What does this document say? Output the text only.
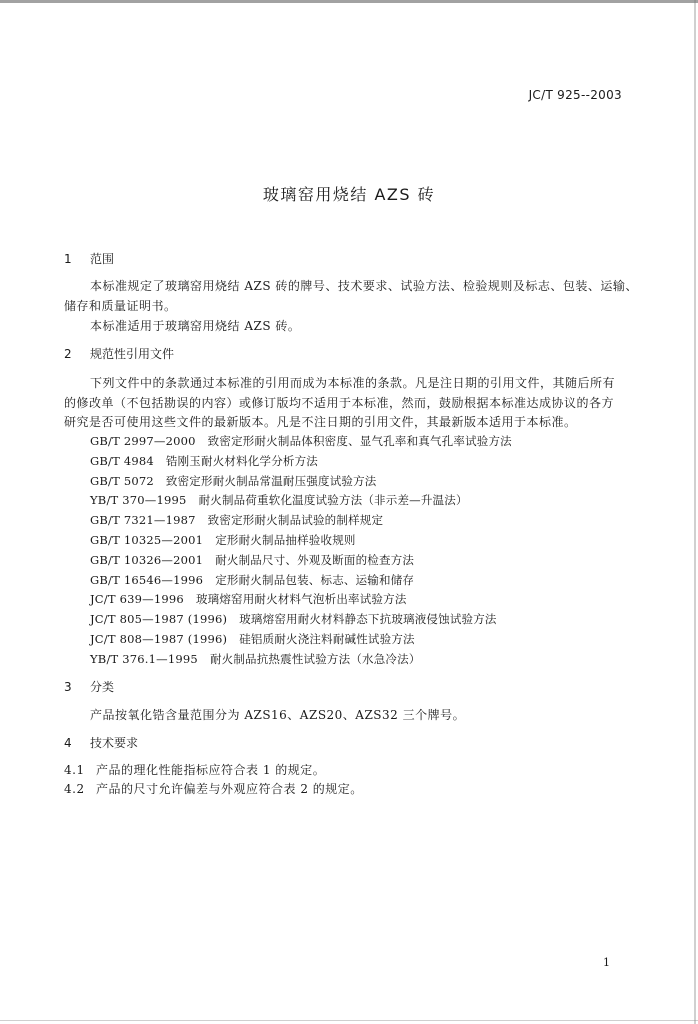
JC/T 925--2003
玻璃窑用烧结 AZS 砖
1 范围
本标准规定了玻璃窑用烧结 AZS 砖的牌号、技术要求、试验方法、检验规则及标志、包装、运输、
储存和质量证明书。
本标准适用于玻璃窑用烧结 AZS 砖。
2 规范性引用文件
下列文件中的条款通过本标准的引用而成为本标准的条款。凡是注日期的引用文件，其随后所有
的修改单（不包括勘误的内容）或修订版均不适用于本标准，然而，鼓励根据本标准达成协议的各方
研究是否可使用这些文件的最新版本。凡是不注日期的引用文件，其最新版本适用于本标准。
GB/T 2997—2000 致密定形耐火制品体积密度、显气孔率和真气孔率试验方法
GB/T 4984 锆刚玉耐火材料化学分析方法
GB/T 5072 致密定形耐火制品常温耐压强度试验方法
YB/T 370—1995 耐火制品荷重软化温度试验方法（非示差—升温法）
GB/T 7321—1987 致密定形耐火制品试验的制样规定
GB/T 10325—2001 定形耐火制品抽样验收规则
GB/T 10326—2001 耐火制品尺寸、外观及断面的检查方法
GB/T 16546—1996 定形耐火制品包装、标志、运输和储存
JC/T 639—1996 玻璃熔窑用耐火材料气泡析出率试验方法
JC/T 805—1987 (1996) 玻璃熔窑用耐火材料静态下抗玻璃液侵蚀试验方法
JC/T 808—1987 (1996) 硅铝质耐火浇注料耐碱性试验方法
YB/T 376.1—1995 耐火制品抗热震性试验方法（水急冷法）
3 分类
产品按氧化锆含量范围分为 AZS16、AZS20、AZS32 三个牌号。
4 技术要求
4.1 产品的理化性能指标应符合表 1 的规定。
4.2 产品的尺寸允许偏差与外观应符合表 2 的规定。
1
